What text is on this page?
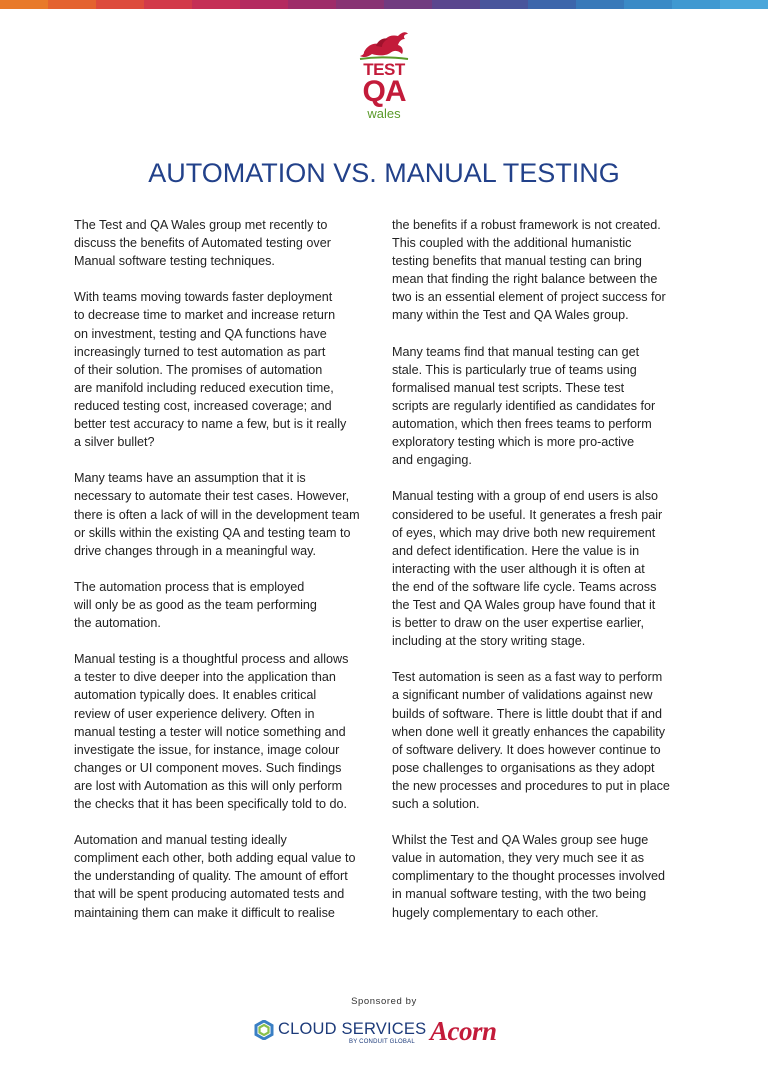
TEST
QA
wales
AUTOMATION VS. MANUAL TESTING

The Test and QA Wales group met recently to
discuss the benefits of Automated testing over
Manual software testing techniques.

With teams moving towards faster deployment
to decrease time to market and increase return
on investment, testing and QA functions have
increasingly turned to test automation as part
of their solution. The promises of automation
are manifold including reduced execution time,
reduced testing cost, increased coverage; and
better test accuracy to name a few, but is it really
a silver bullet?

Many teams have an assumption that it is
necessary to automate their test cases. However,
there is often a lack of will in the development team
or skills within the existing QA and testing team to
drive changes through in a meaningful way.

The automation process that is employed
will only be as good as the team performing
the automation.

Manual testing is a thoughtful process and allows
a tester to dive deeper into the application than
automation typically does. It enables critical
review of user experience delivery. Often in
manual testing a tester will notice something and
investigate the issue, for instance, image colour
changes or UI component moves. Such findings
are lost with Automation as this will only perform
the checks that it has been specifically told to do.

Automation and manual testing ideally
compliment each other, both adding equal value to
the understanding of quality. The amount of effort
that will be spent producing automated tests and
maintaining them can make it difficult to realise

the benefits if a robust framework is not created.
This coupled with the additional humanistic
testing benefits that manual testing can bring
mean that finding the right balance between the
two is an essential element of project success for
many within the Test and QA Wales group.

Many teams find that manual testing can get
stale. This is particularly true of teams using
formalised manual test scripts. These test
scripts are regularly identified as candidates for
automation, which then frees teams to perform
exploratory testing which is more pro-active
and engaging.

Manual testing with a group of end users is also
considered to be useful. It generates a fresh pair
of eyes, which may drive both new requirement
and defect identification. Here the value is in
interacting with the user although it is often at
the end of the software life cycle. Teams across
the Test and QA Wales group have found that it
is better to draw on the user expertise earlier,
including at the story writing stage.

Test automation is seen as a fast way to perform
a significant number of validations against new
builds of software. There is little doubt that if and
when done well it greatly enhances the capability
of software delivery. It does however continue to
pose challenges to organisations as they adopt
the new processes and procedures to put in place
such a solution.

Whilst the Test and QA Wales group see huge
value in automation, they very much see it as
complimentary to the thought processes involved
in manual software testing, with the two being
hugely complementary to each other.

Sponsored by
CLOUD SERVICES
BY CONDUIT GLOBAL Acorn
